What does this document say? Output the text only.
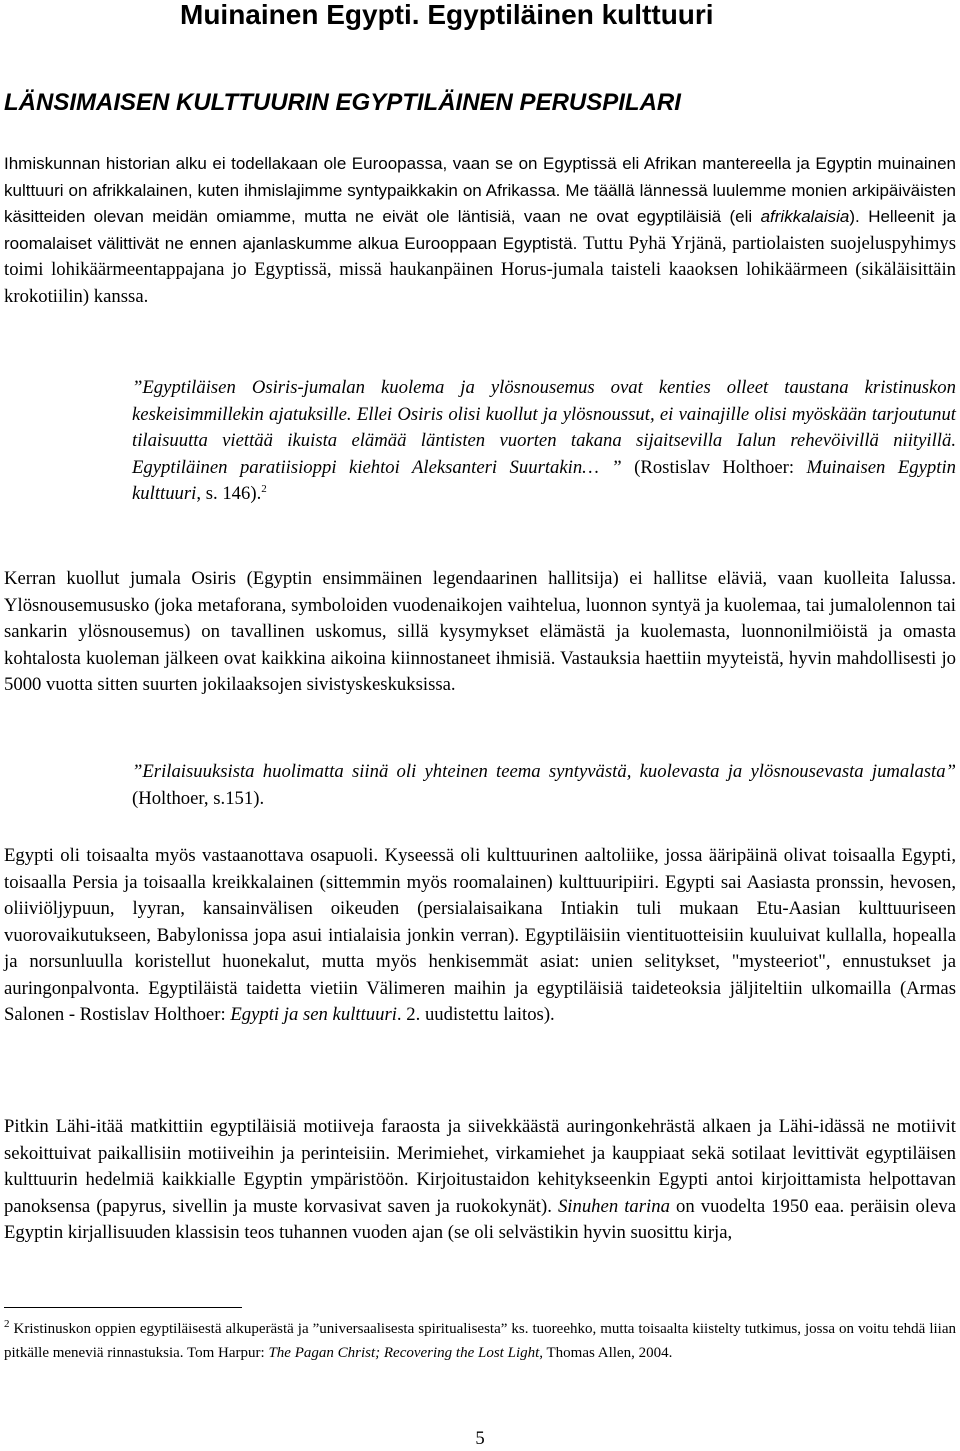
Muinainen Egypti. Egyptiläinen kulttuuri
LÄNSIMAISEN KULTTUURIN EGYPTILÄINEN PERUSPILARI

Ihmiskunnan historian alku ei todellakaan ole Euroopassa, vaan se on Egyptissä eli Afrikan mantereella ja Egyptin muinainen kulttuuri on afrikkalainen, kuten ihmislajimme syntypaikkakin on Afrikassa. Me täällä lännessä luulemme monien arkipäiväisten käsitteiden olevan meidän omiamme, mutta ne eivät ole läntisiä, vaan ne ovat egyptiläisiä (eli afrikkalaisia). Helleenit ja roomalaiset välittivät ne ennen ajanlaskumme alkua Eurooppaan Egyptistä. Tuttu Pyhä Yrjänä, partiolaisten suojeluspyhimys toimi lohikäärmeentappajana jo Egyptissä, missä haukanpäinen Horus-jumala taisteli kaaoksen lohikäärmeen (sikäläisittäin krokotiilin) kanssa.

”Egyptiläisen Osiris-jumalan kuolema ja ylösnousemus ovat kenties olleet taustana kristinuskon keskeisimmillekin ajatuksille. Ellei Osiris olisi kuollut ja ylösnoussut, ei vainajille olisi myöskään tarjoutunut tilaisuutta viettää ikuista elämää läntisten vuorten takana sijaitsevilla Ialun rehevöivillä niityillä. Egyptiläinen paratiisioppi kiehtoi Aleksanteri Suurtakin… ” (Rostislav Holthoer: Muinaisen Egyptin kulttuuri, s. 146).$^2$

Kerran kuollut jumala Osiris (Egyptin ensimmäinen legendaarinen hallitsija) ei hallitse eläviä, vaan kuolleita Ialussa. Ylösnousemususko (joka metaforana, symboloiden vuodenaikojen vaihtelua, luonnon syntyä ja kuolemaa, tai jumalolennon tai sankarin ylösnousemus) on tavallinen uskomus, sillä kysymykset elämästä ja kuolemasta, luonnonilmiöistä ja omasta kohtalosta kuoleman jälkeen ovat kaikkina aikoina kiinnostaneet ihmisiä. Vastauksia haettiin myyteistä, hyvin mahdollisesti jo 5000 vuotta sitten suurten jokilaaksojen sivistyskeskuksissa.

”Erilaisuuksista huolimatta siinä oli yhteinen teema syntyvästä, kuolevasta ja ylösnousevasta jumalasta” (Holthoer, s.151).

Egypti oli toisaalta myös vastaanottava osapuoli. Kyseessä oli kulttuurinen aaltoliike, jossa ääripäinä olivat toisaalla Egypti, toisaalla Persia ja toisaalla kreikkalainen (sittemmin myös roomalainen) kulttuuripiiri. Egypti sai Aasiasta pronssin, hevosen, oliiviöljypuun, lyyran, kansainvälisen oikeuden (persialaisaikana Intiakin tuli mukaan Etu-Aasian kulttuuriseen vuorovaikutukseen, Babylonissa jopa asui intialaisia jonkin verran). Egyptiläisiin vientituotteisiin kuuluivat kullalla, hopealla ja norsunluulla koristellut huonekalut, mutta myös henkisemmät asiat: unien selitykset, "mysteeriot", ennustukset ja auringonpalvonta. Egyptiläistä taidetta vietiin Välimeren maihin ja egyptiläisiä taideteoksia jäljiteltiin ulkomailla (Armas Salonen - Rostislav Holthoer: Egypti ja sen kulttuuri. 2. uudistettu laitos).

Pitkin Lähi-itää matkittiin egyptiläisiä motiiveja faraosta ja siivekkäästä auringonkehrästä alkaen ja Lähi-idässä ne motiivit sekoittuivat paikallisiin motiiveihin ja perinteisiin. Merimiehet, virkamiehet ja kauppiaat sekä sotilaat levittivät egyptiläisen kulttuurin hedelmiä kaikkialle Egyptin ympäristöön. Kirjoitustaidon kehitykseenkin Egypti antoi kirjoittamista helpottavan panoksensa (papyrus, sivellin ja muste korvasivat saven ja ruokokynät). Sinuhen tarina on vuodelta 1950 eaa. peräisin oleva Egyptin kirjallisuuden klassisin teos tuhannen vuoden ajan (se oli selvästikin hyvin suosittu kirja,

$^2$ Kristinuskon oppien egyptiläisestä alkuperästä ja ”universaalisesta spiritualisesta” ks. tuoreehko, mutta toisaalta kiistelty tutkimus, jossa on voitu tehdä liian pitkälle meneviä rinnastuksia. Tom Harpur: The Pagan Christ; Recovering the Lost Light, Thomas Allen, 2004.

5
